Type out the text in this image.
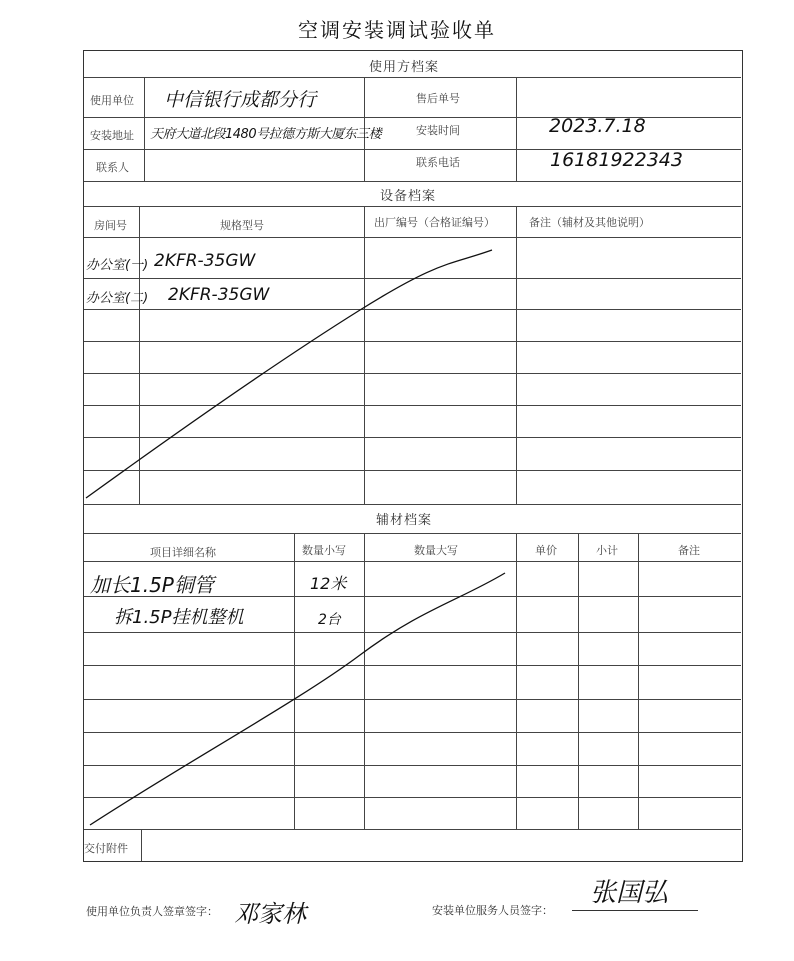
空调安装调试验收单
使用方档案
使用单位 中信银行成都分行	售后单号
安装地址 天府大道北段1480号拉德方斯大厦东三楼	安装时间	2023.7.18
联系人	联系电话	16181922343
设备档案
房间号	规格型号	出厂编号（合格证编号）	备注（辅材及其他说明）
办公室(一) 2KFR-35GW
办公室(二) 2KFR-35GW
辅材档案
项目详细名称	数量小写	数量大写	单价	小计	备注
加长1.5P铜管	12米
拆1.5P挂机整机	2台
交付附件
使用单位负责人签章签字： 邓家林	安装单位服务人员签字：
张国弘
